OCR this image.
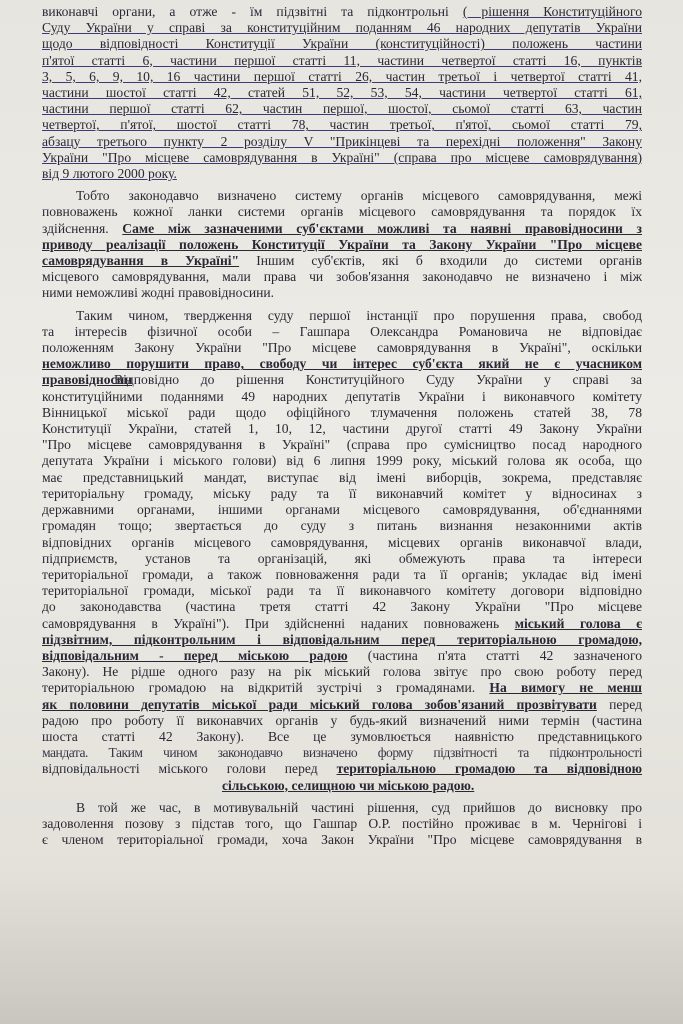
виконавчі органи, а отже - їм підзвітні та підконтрольні ( рішення Конституційного
Суду України у справі за конституційним поданням 46 народних депутатів України
щодо відповідності Конституції України (конституційності) положень частини
п'ятої статті 6, частини першої статті 11, частини четвертої статті 16, пунктів
3, 5, 6, 9, 10, 16 частини першої статті 26, частин третьої і четвертої статті 41,
частини шостої статті 42, статей 51, 52, 53, 54, частини четвертої статті 61,
частини першої статті 62, частин першої, шостої, сьомої статті 63, частин
четвертої, п'ятої, шостої статті 78, частин третьої, п'ятої, сьомої статті 79,
абзацу третього пункту 2 розділу V "Прикінцеві та перехідні положення" Закону
України "Про місцеве самоврядування в Україні" (справа про місцеве самоврядування)
від 9 лютого 2000 року.
Тобто законодавчо визначено систему органів місцевого самоврядування, межі
повноважень кожної ланки системи органів місцевого самоврядування та порядок їх
здійснення. Саме між зазначеними суб'єктами можливі та наявні правовідносини з
приводу реалізації положень Конституції України та Закону України "Про місцеве
самоврядування в Україні" Іншим суб'єктів, які б входили до системи органів
місцевого самоврядування, мали права чи зобов'язання законодавчо не визначено і між
ними неможливі жодні правовідносини.
Таким чином, твердження суду першої інстанції про порушення права, свобод
та інтересів фізичної особи – Гашпара Олександра Романовича не відповідає
положенням Закону України "Про місцеве самоврядування в Україні", оскільки
неможливо порушити право, свободу чи інтерес суб'єкта який не є учасником
правовідносин
Відповідно до рішення Конституційного Суду України у справі за
конституційними поданнями 49 народних депутатів України і виконавчого комітету
Вінницької міської ради щодо офіційного тлумачення положень статей 38, 78
Конституції України, статей 1, 10, 12, частини другої статті 49 Закону України
"Про місцеве самоврядування в Україні" (справа про сумісництво посад народного
депутата України і міського голови) від 6 липня 1999 року, міський голова як особа, що
має представницький мандат, виступає від імені виборців, зокрема, представляє
територіальну громаду, міську раду та її виконавчий комітет у відносинах з
державними органами, іншими органами місцевого самоврядування, об'єднаннями
громадян тощо; звертається до суду з питань визнання незаконними актів
відповідних органів місцевого самоврядування, місцевих органів виконавчої влади,
підприємств, установ та організацій, які обмежують права та інтереси
територіальної громади, а також повноваження ради та її органів; укладає від імені
територіальної громади, міської ради та її виконавчого комітету договори відповідно
до законодавства (частина третя статті 42 Закону України "Про місцеве
самоврядування в Україні"). При здійсненні наданих повноважень міський голова є
підзвітним, підконтрольним і відповідальним перед територіальною громадою,
відповідальним - перед міською радою (частина п'ята статті 42 зазначеного
Закону). Не рідше одного разу на рік міський голова звітує про свою роботу перед
територіальною громадою на відкритій зустрічі з громадянами. На вимогу не менш
як половини депутатів міської ради міський голова зобов'язаний прозвітувати перед
радою про роботу її виконавчих органів у будь-який визначений ними термін (частина
шоста статті 42 Закону). Все це зумовлюється наявністю представницького
мандата. Таким чином законодавчо визначено форму підзвітності та підконтрольності
відповідальності міського голови перед територіальною громадою та відповідною
сільською, селищною чи міською радою.
В той же час, в мотивувальній частині рішення, суд прийшов до висновку про
задоволення позову з підстав того, що Гашпар О.Р. постійно проживає в м. Чернігові і
є членом територіальної громади, хоча Закон України "Про місцеве самоврядування в
